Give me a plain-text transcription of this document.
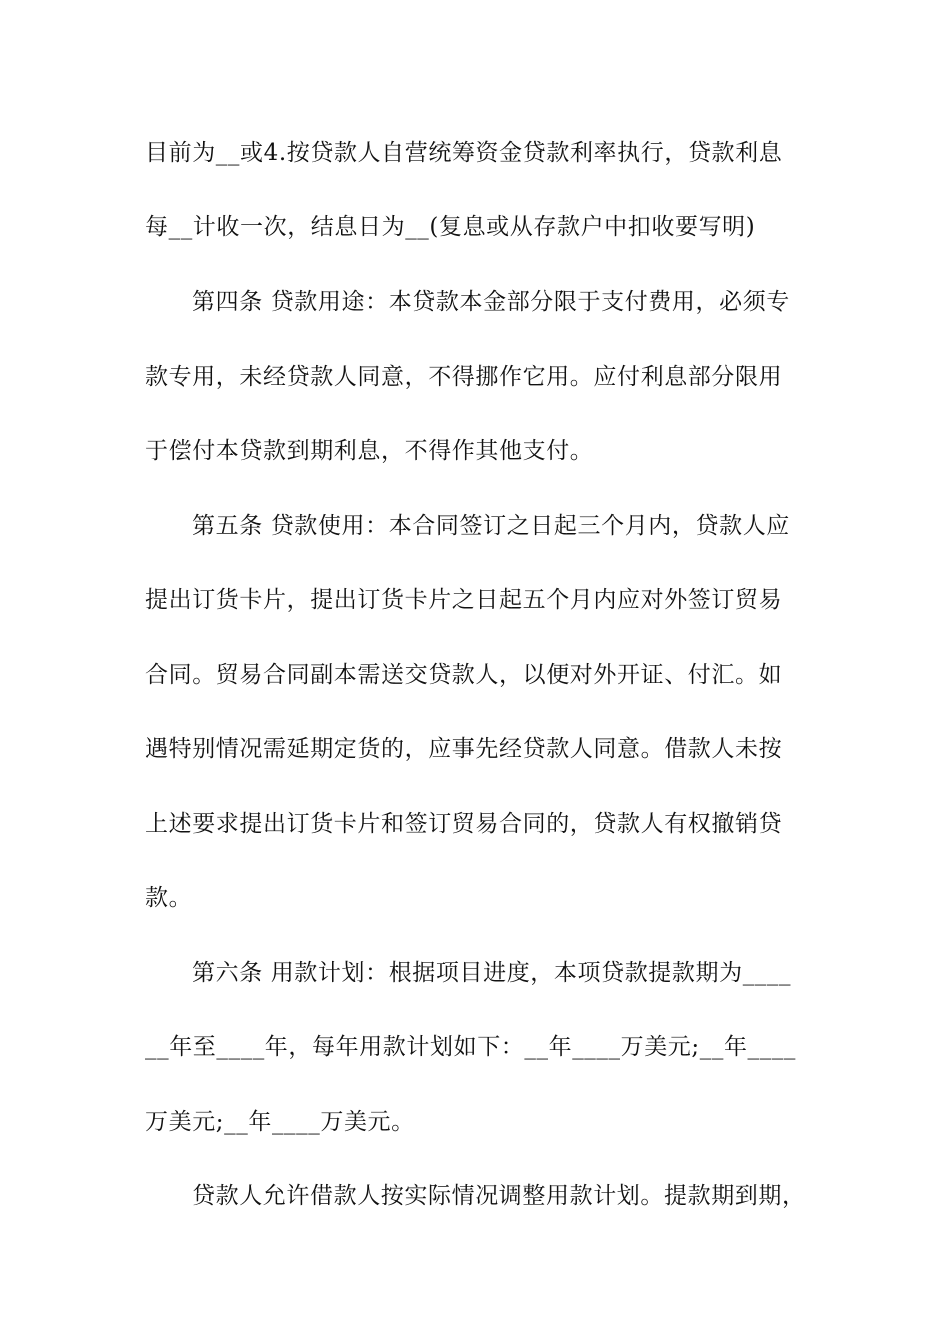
目前为__或4.按贷款人自营统筹资金贷款利率执行，贷款利息
每__计收一次，结息日为__(复息或从存款户中扣收要写明)
第四条 贷款用途：本贷款本金部分限于支付费用，必须专
款专用，未经贷款人同意，不得挪作它用。应付利息部分限用
于偿付本贷款到期利息，不得作其他支付。
第五条 贷款使用：本合同签订之日起三个月内，贷款人应
提出订货卡片，提出订货卡片之日起五个月内应对外签订贸易
合同。贸易合同副本需送交贷款人，以便对外开证、付汇。如
遇特别情况需延期定货的，应事先经贷款人同意。借款人未按
上述要求提出订货卡片和签订贸易合同的，贷款人有权撤销贷
款。
第六条 用款计划：根据项目进度，本项贷款提款期为____
__年至____年，每年用款计划如下：__年____万美元;__年____
万美元;__年____万美元。
贷款人允许借款人按实际情况调整用款计划。提款期到期，
